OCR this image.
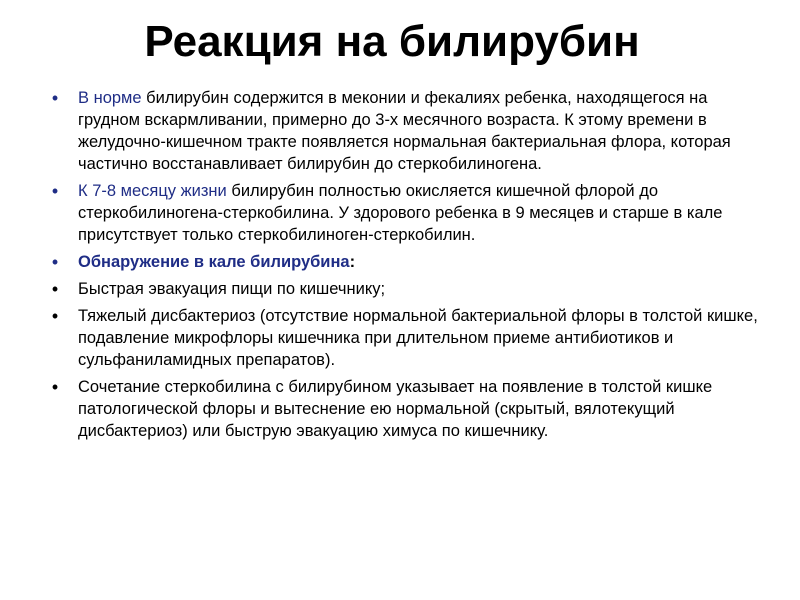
Реакция на билирубин
• В норме билирубин содержится в меконии и фекалиях ребенка, находящегося на грудном вскармливании, примерно до 3-х месячного возраста. К этому времени в желудочно-кишечном тракте появляется нормальная бактериальная флора, которая частично восстанавливает билирубин до стеркобилиногена.
• К 7-8 месяцу жизни билирубин полностью окисляется кишечной флорой до стеркобилиногена-стеркобилина. У здорового ребенка в 9 месяцев и старше в кале присутствует только стеркобилиноген-стеркобилин.
• Обнаружение в кале билирубина:
• Быстрая эвакуация пищи по кишечнику;
• Тяжелый дисбактериоз (отсутствие нормальной бактериальной флоры в толстой кишке, подавление микрофлоры кишечника при длительном приеме антибиотиков и сульфаниламидных препаратов).
• Сочетание стеркобилина с билирубином указывает на появление в толстой кишке патологической флоры и вытеснение ею нормальной (скрытый, вялотекущий дисбактериоз) или быструю эвакуацию химуса по кишечнику.
